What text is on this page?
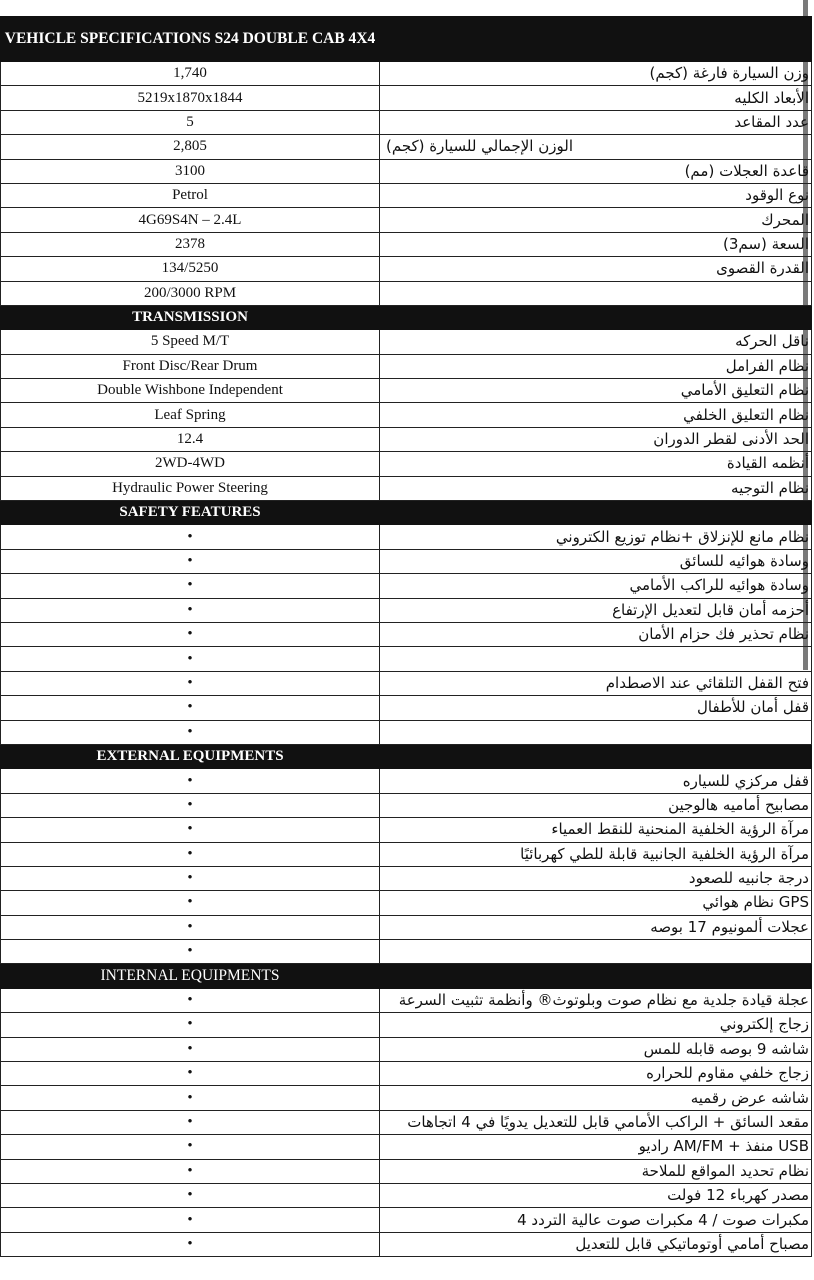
VEHICLE SPECIFICATIONS S24 DOUBLE CAB 4X4	
1,740	وزن السيارة فارغة (كجم)
5219x1870x1844	الأبعاد الكليه
5	عدد المقاعد
2,805	الوزن الإجمالي للسيارة (كجم)
3100	قاعدة العجلات (مم)
Petrol	نوع الوقود
4G69S4N – 2.4L	المحرك
2378	السعة (سم3)
134/5250	القدرة القصوى
200/3000 RPM	
TRANSMISSION	
5 Speed M/T	ناقل الحركه
Front Disc/Rear Drum	نظام الفرامل
Double Wishbone Independent	نظام التعليق الأمامي
Leaf Spring	نظام التعليق الخلفي
12.4	الحد الأدنى لقطر الدوران
2WD-4WD	أنظمه القيادة
Hydraulic Power Steering	نظام التوجيه
SAFETY FEATURES	
•	نظام مانع للإنزلاق +نظام توزيع الكتروني
•	وسادة هوائيه للسائق
•	وسادة هوائيه للراكب الأمامي
•	أحزمه أمان قابل لتعديل الإرتفاع
•	نظام تحذير فك حزام الأمان
•	
•	فتح القفل التلقائي عند الاصطدام
•	قفل أمان للأطفال
•	
EXTERNAL EQUIPMENTS	
•	قفل مركزي للسياره
•	مصابيح أماميه هالوجين
•	مرآة الرؤية الخلفية المنحنية للنقط العمياء
•	مرآة الرؤية الخلفية الجانبية قابلة للطي كهربائيًا
•	درجة جانبيه للصعود
•	GPS نظام هوائي
•	عجلات ألمونيوم 17 بوصه
•	
INTERNAL EQUIPMENTS	
•	عجلة قيادة جلدية مع نظام صوت وبلوتوث® وأنظمة تثبيت السرعة
•	زجاج إلكتروني
•	شاشه 9 بوصه قابله للمس
•	زجاج خلفي مقاوم للحراره
•	شاشه عرض رقميه
•	مقعد السائق + الراكب الأمامي قابل للتعديل يدويًا في 4 اتجاهات
•	USB منفذ + AM/FM راديو
•	نظام تحديد المواقع للملاحة
•	مصدر كهرباء 12 فولت
•	مكبرات صوت / 4 مكبرات صوت عالية التردد 4
•	مصباح أمامي أوتوماتيكي قابل للتعديل
